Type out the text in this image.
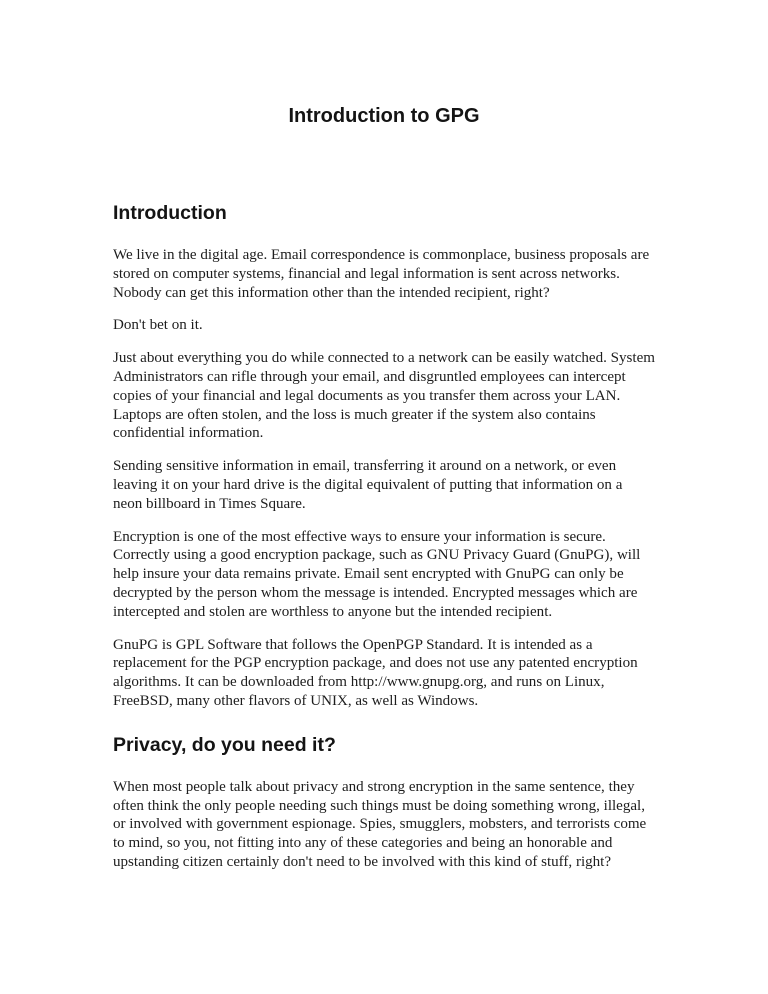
Introduction to GPG
Introduction

We live in the digital age. Email correspondence is commonplace, business proposals are stored on computer systems, financial and legal information is sent across networks. Nobody can get this information other than the intended recipient, right?

Don't bet on it.

Just about everything you do while connected to a network can be easily watched. System Administrators can rifle through your email, and disgruntled employees can intercept copies of your financial and legal documents as you transfer them across your LAN. Laptops are often stolen, and the loss is much greater if the system also contains confidential information.

Sending sensitive information in email, transferring it around on a network, or even leaving it on your hard drive is the digital equivalent of putting that information on a neon billboard in Times Square.

Encryption is one of the most effective ways to ensure your information is secure. Correctly using a good encryption package, such as GNU Privacy Guard (GnuPG), will help insure your data remains private. Email sent encrypted with GnuPG can only be decrypted by the person whom the message is intended. Encrypted messages which are intercepted and stolen are worthless to anyone but the intended recipient.

GnuPG is GPL Software that follows the OpenPGP Standard. It is intended as a replacement for the PGP encryption package, and does not use any patented encryption algorithms. It can be downloaded from http://www.gnupg.org, and runs on Linux, FreeBSD, many other flavors of UNIX, as well as Windows.

Privacy, do you need it?

When most people talk about privacy and strong encryption in the same sentence, they often think the only people needing such things must be doing something wrong, illegal, or involved with government espionage. Spies, smugglers, mobsters, and terrorists come to mind, so you, not fitting into any of these categories and being an honorable and upstanding citizen certainly don't need to be involved with this kind of stuff, right?
